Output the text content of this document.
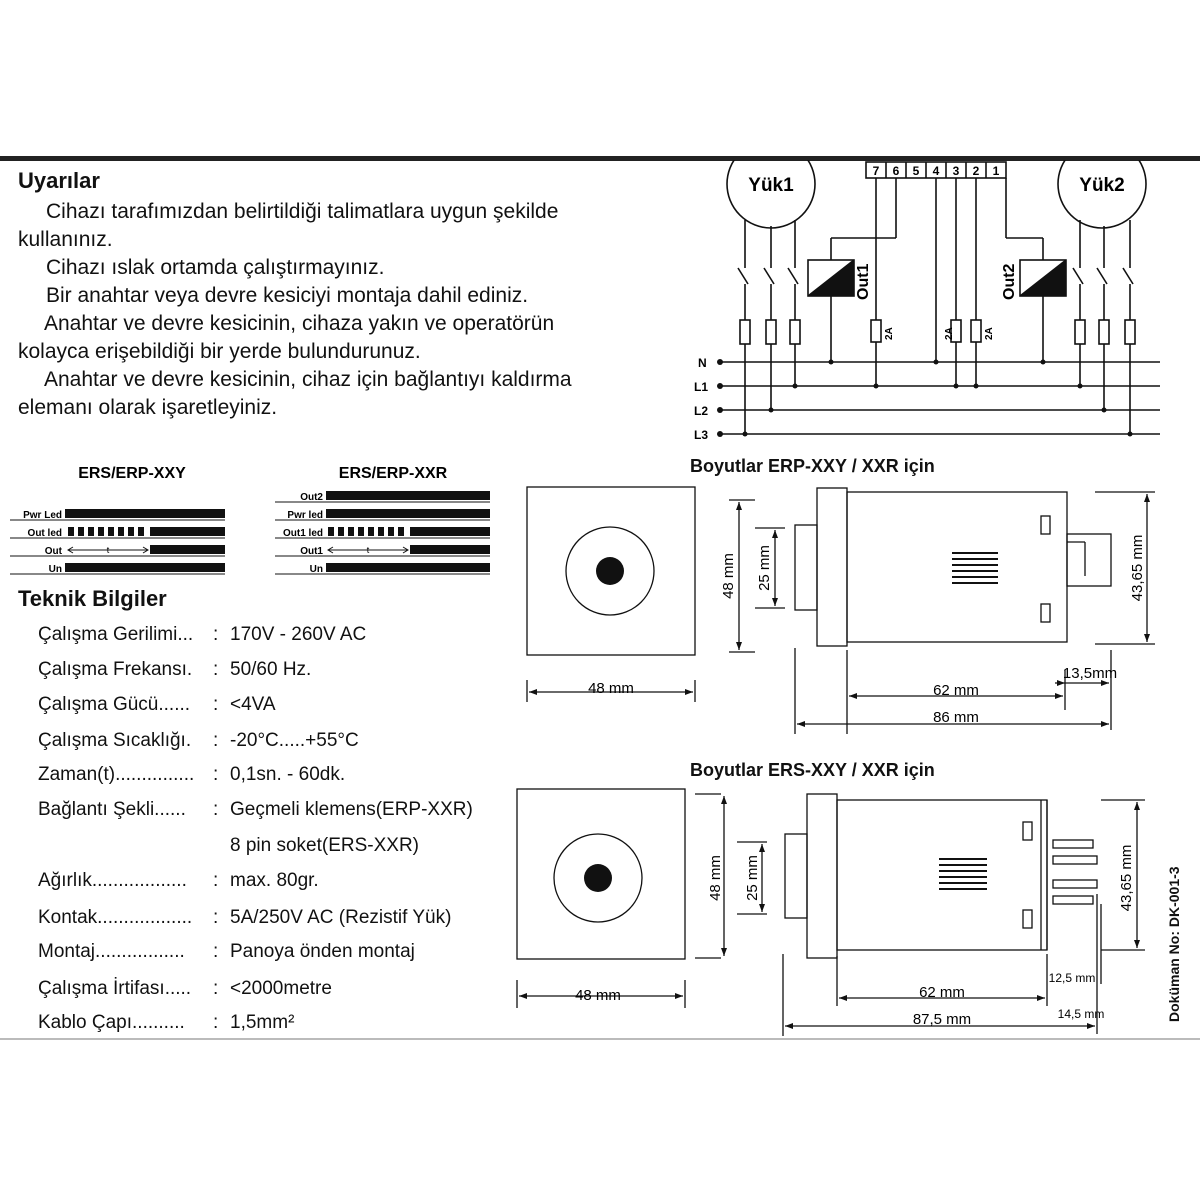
Uyarılar
Cihazı tarafımızdan belirtildiği talimatlara uygun şekilde
kullanınız.
Cihazı ıslak ortamda çalıştırmayınız.
Bir anahtar veya devre kesiciyi montaja dahil ediniz.
Anahtar ve devre kesicinin, cihaza yakın ve operatörün
kolayca erişebildiği bir yerde bulundurunuz.
Anahtar ve devre kesicinin, cihaz için bağlantıyı kaldırma
elemanı olarak işaretleyiniz.
Yük1	Yük2
7 6 5 4 3 2 1
Out1	Out2
2A	2A	2A
N
L1
L2
L3
ERS/ERP-XXY	ERS/ERP-XXR
t
Pwr Led
Out led
Out
Un
t
Out2
Pwr led
Out1 led
Out1
Un
Teknik Bilgiler
Çalışma Gerilimi... : 170V - 260V AC
Çalışma Frekansı. : 50/60 Hz.
Çalışma Gücü...... : <4VA
Çalışma Sıcaklığı. : -20°C.....+55°C
Zaman(t)............... : 0,1sn. - 60dk.
Bağlantı Şekli...... : Geçmeli klemens(ERP-XXR)
8 pin soket(ERS-XXR)
Ağırlık.................. : max. 80gr.
Kontak.................. : 5A/250V AC (Rezistif Yük)
Montaj................. : Panoya önden montaj
Çalışma İrtifası..... : <2000metre
Kablo Çapı.......... : 1,5mm²
Boyutlar ERP-XXY / XXR için
48 mm
48 mm 25 mm	43,65 mm
62 mm
86 mm
13,5mm
Boyutlar ERS-XXY / XXR için
48 mm
48 mm 25 mm	43,65 mm
62 mm
87,5 mm
12,5 mm
14,5 mm	Doküman No: DK-001-3
